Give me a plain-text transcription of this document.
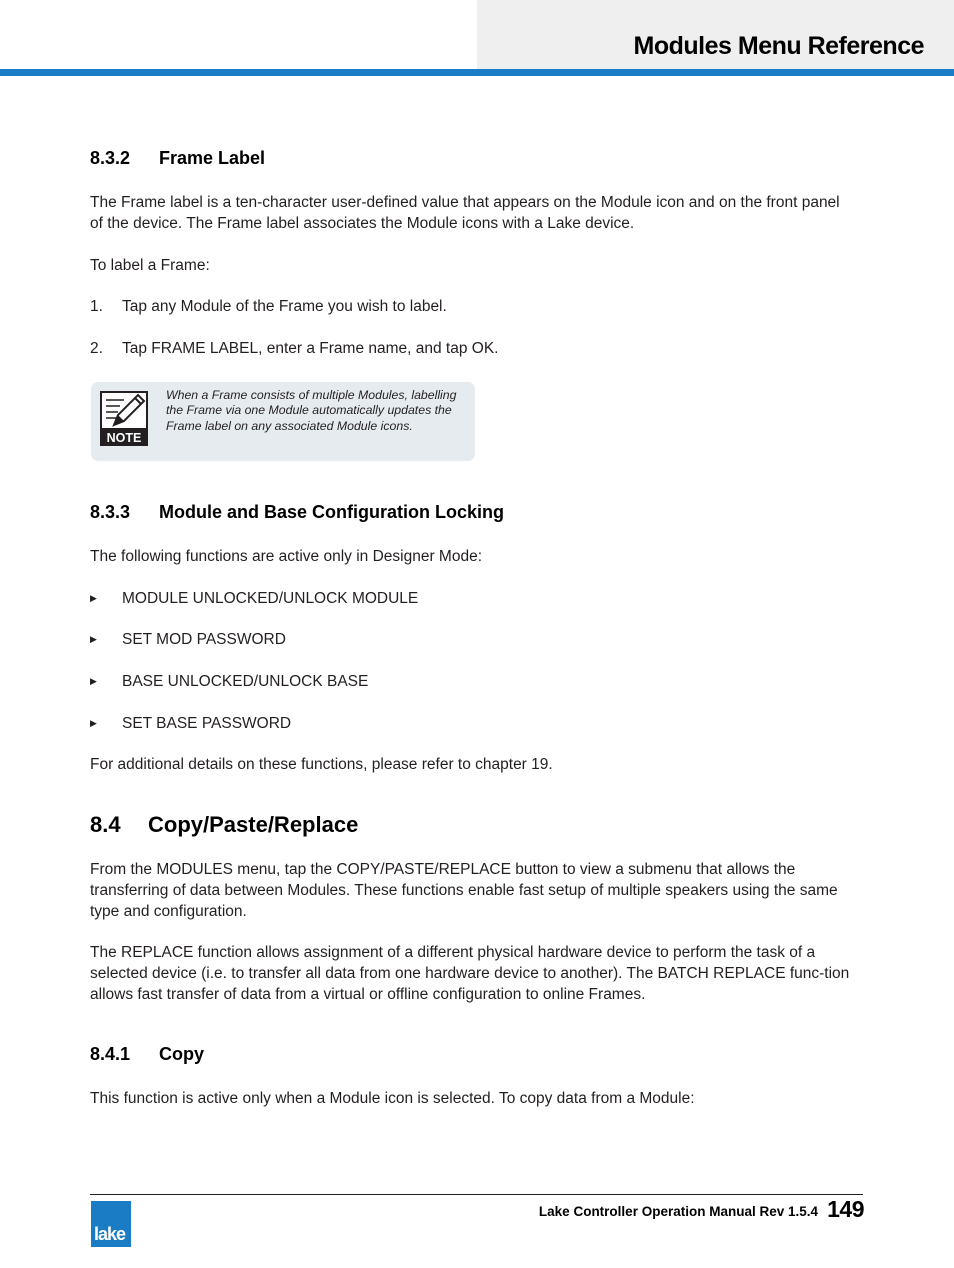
Modules Menu Reference
8.3.2 Frame Label
The Frame label is a ten-character user-defined value that appears on the Module icon and on the front panel of the device. The Frame label associates the Module icons with a Lake device.
To label a Frame:
1. Tap any Module of the Frame you wish to label.
2. Tap FRAME LABEL, enter a Frame name, and tap OK.
NOTE
When a Frame consists of multiple Modules, labelling the Frame via one Module automatically updates the Frame label on any associated Module icons.
8.3.3 Module and Base Configuration Locking
The following functions are active only in Designer Mode:
▶ MODULE UNLOCKED/UNLOCK MODULE
▶ SET MOD PASSWORD
▶ BASE UNLOCKED/UNLOCK BASE
▶ SET BASE PASSWORD
For additional details on these functions, please refer to chapter 19.
8.4 Copy/Paste/Replace
From the MODULES menu, tap the COPY/PASTE/REPLACE button to view a submenu that allows the transferring of data between Modules. These functions enable fast setup of multiple speakers using the same type and configuration.
The REPLACE function allows assignment of a different physical hardware device to perform the task of a selected device (i.e. to transfer all data from one hardware device to another). The BATCH REPLACE func-tion allows fast transfer of data from a virtual or offline configuration to online Frames.
8.4.1 Copy
This function is active only when a Module icon is selected. To copy data from a Module:
lake
Lake Controller Operation Manual Rev 1.5.4 149
